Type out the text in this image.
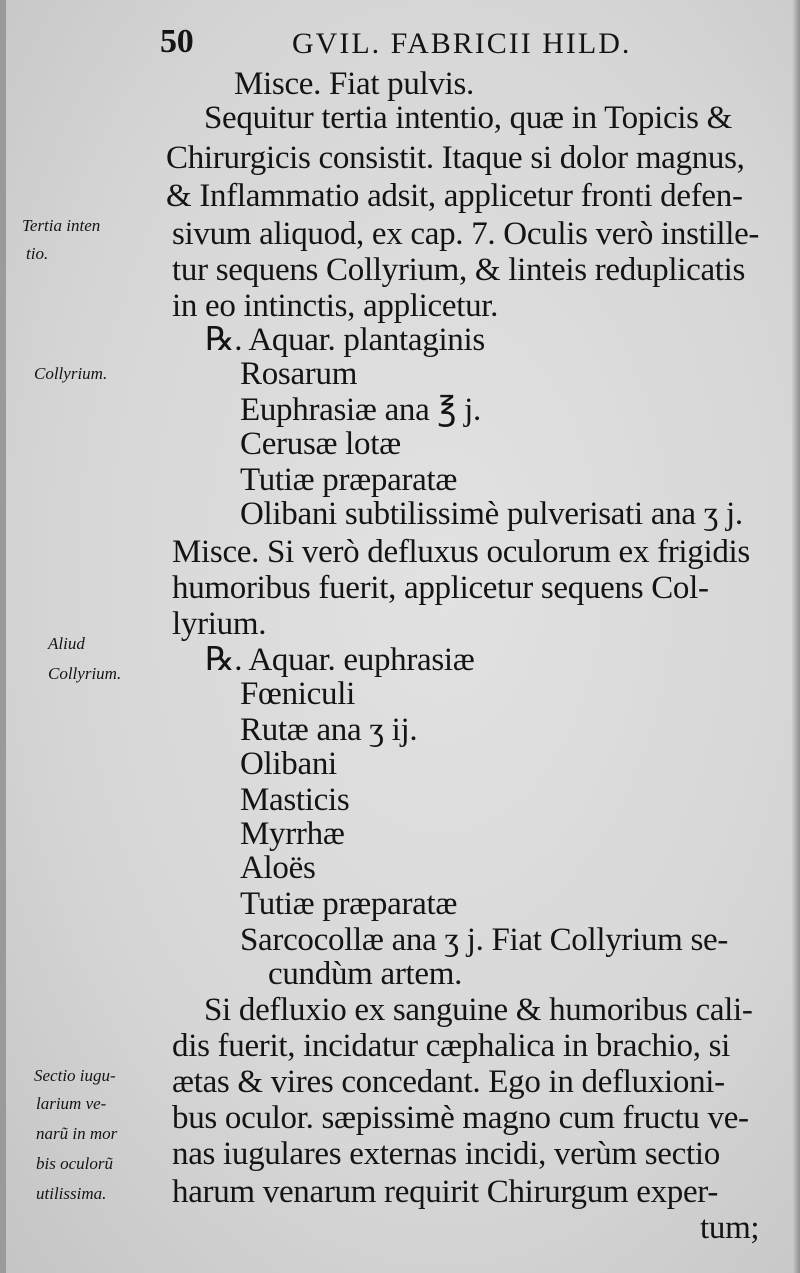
50	GVIL. FABRICII HILD.
Misce. Fiat pulvis.
Sequitur tertia intentio, quæ in Topicis &
Chirurgicis consistit. Itaque si dolor magnus,
& Inflammatio adsit, applicetur fronti defen-
sivum aliquod, ex cap. 7. Oculis verò instille-
tur sequens Collyrium, & linteis reduplicatis
in eo intinctis, applicetur.
℞. Aquar. plantaginis
Rosarum
Euphrasiæ ana ℥ j.
Cerusæ lotæ
Tutiæ præparatæ
Olibani subtilissimè pulverisati ana ʒ j.
Misce. Si verò defluxus oculorum ex frigidis
humoribus fuerit, applicetur sequens Col-
lyrium.
℞. Aquar. euphrasiæ
Fœniculi
Rutæ ana ʒ ij.
Olibani
Masticis
Myrrhæ
Aloës
Tutiæ præparatæ
Sarcocollæ ana ʒ j. Fiat Collyrium se-
cundùm artem.
Si defluxio ex sanguine & humoribus cali-
dis fuerit, incidatur cæphalica in brachio, si
ætas & vires concedant. Ego in defluxioni-
bus oculor. sæpissimè magno cum fructu ve-
nas iugulares externas incidi, verùm sectio
harum venarum requirit Chirurgum exper-
tum;
Tertia inten
tio.
Collyrium.
Aliud
Collyrium.
Sectio iugu-
larium ve-
narũ in mor
bis oculorũ
utilissima.
